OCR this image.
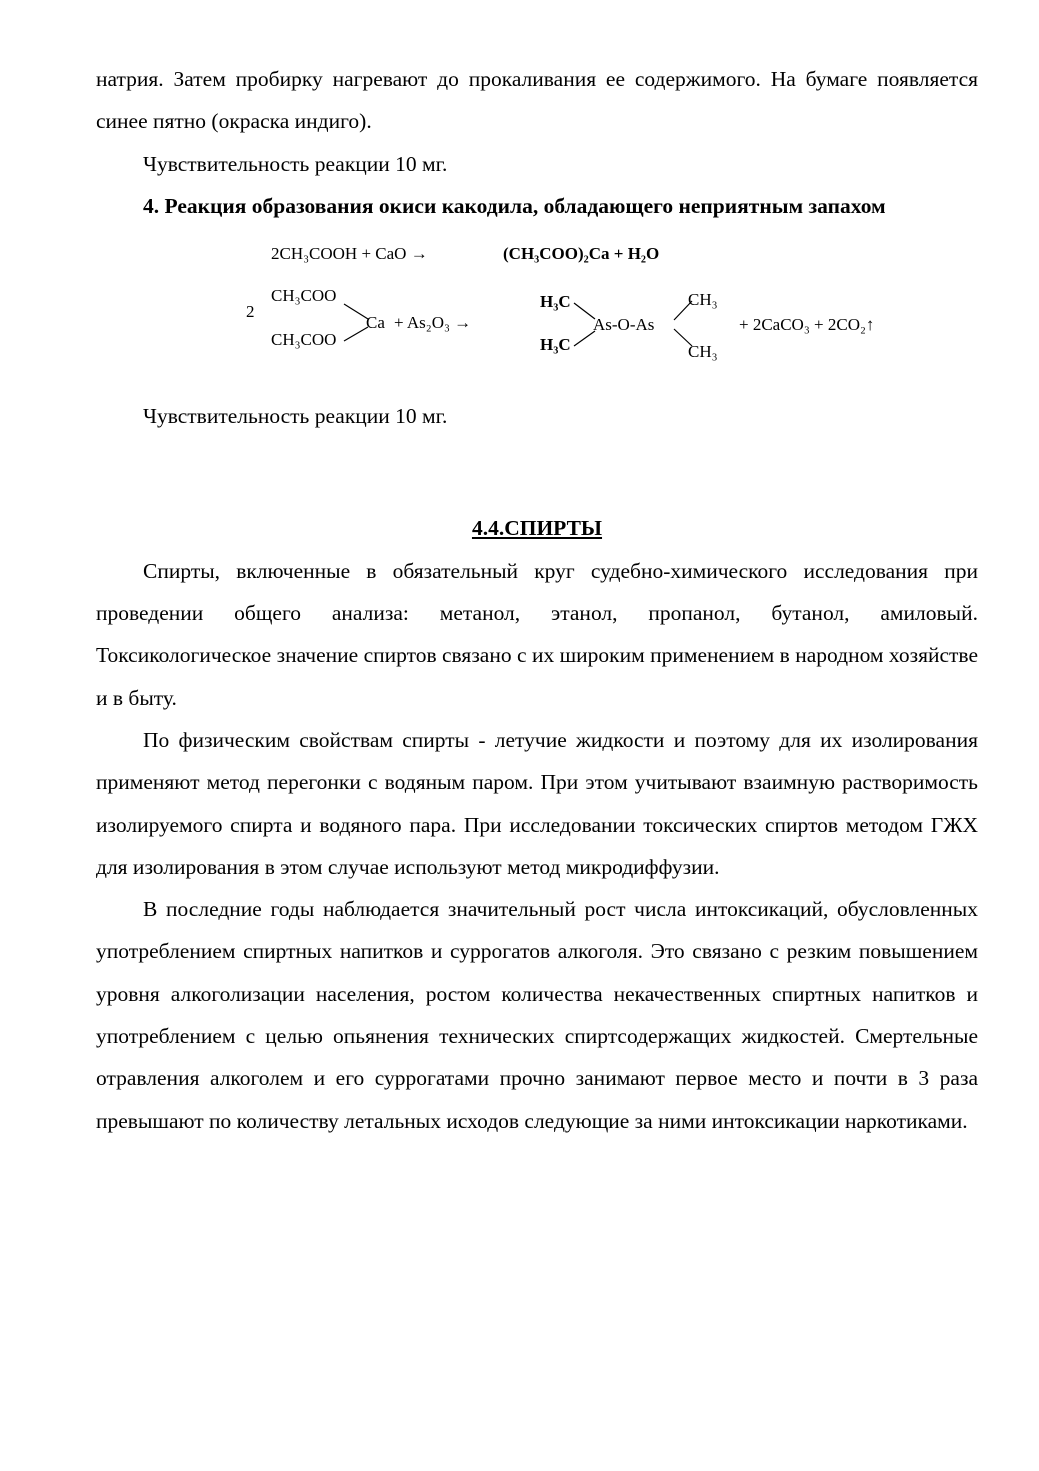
натрия. Затем пробирку нагревают до прокаливания ее содержимого. На бумаге появляется синее пятно (окраска индиго).

Чувствительность реакции 10 мг.

4. Реакция образования окиси какодила, обладающего неприятным запахом

2CH₃COOH + CaO →	(CH₃COO)₂Ca + H₂O
2
CH₃COO
CH₃COO
Ca + As₂O₃ →
H₃C
H₃C
As-O-As
CH₃
CH₃
+ 2CaCO₃ + 2CO₂↑

Чувствительность реакции 10 мг.

4.4.СПИРТЫ

Спирты, включенные в обязательный круг судебно-химического исследования при проведении общего анализа: метанол, этанол, пропанол, бутанол, амиловый. Токсикологическое значение спиртов связано с их широким применением в народном хозяйстве и в быту.

По физическим свойствам спирты - летучие жидкости и поэтому для их изолирования применяют метод перегонки с водяным паром. При этом учитывают взаимную растворимость изолируемого спирта и водяного пара. При исследовании токсических спиртов методом ГЖХ для изолирования в этом случае используют метод микродиффузии.

В последние годы наблюдается значительный рост числа интоксикаций, обусловленных употреблением спиртных напитков и суррогатов алкоголя. Это связано с резким повышением уровня алкоголизации населения, ростом количества некачественных спиртных напитков и употреблением с целью опьянения технических спиртсодержащих жидкостей. Смертельные отравления алкоголем и его суррогатами прочно занимают первое место и почти в 3 раза превышают по количеству летальных исходов следующие за ними интоксикации наркотиками.
